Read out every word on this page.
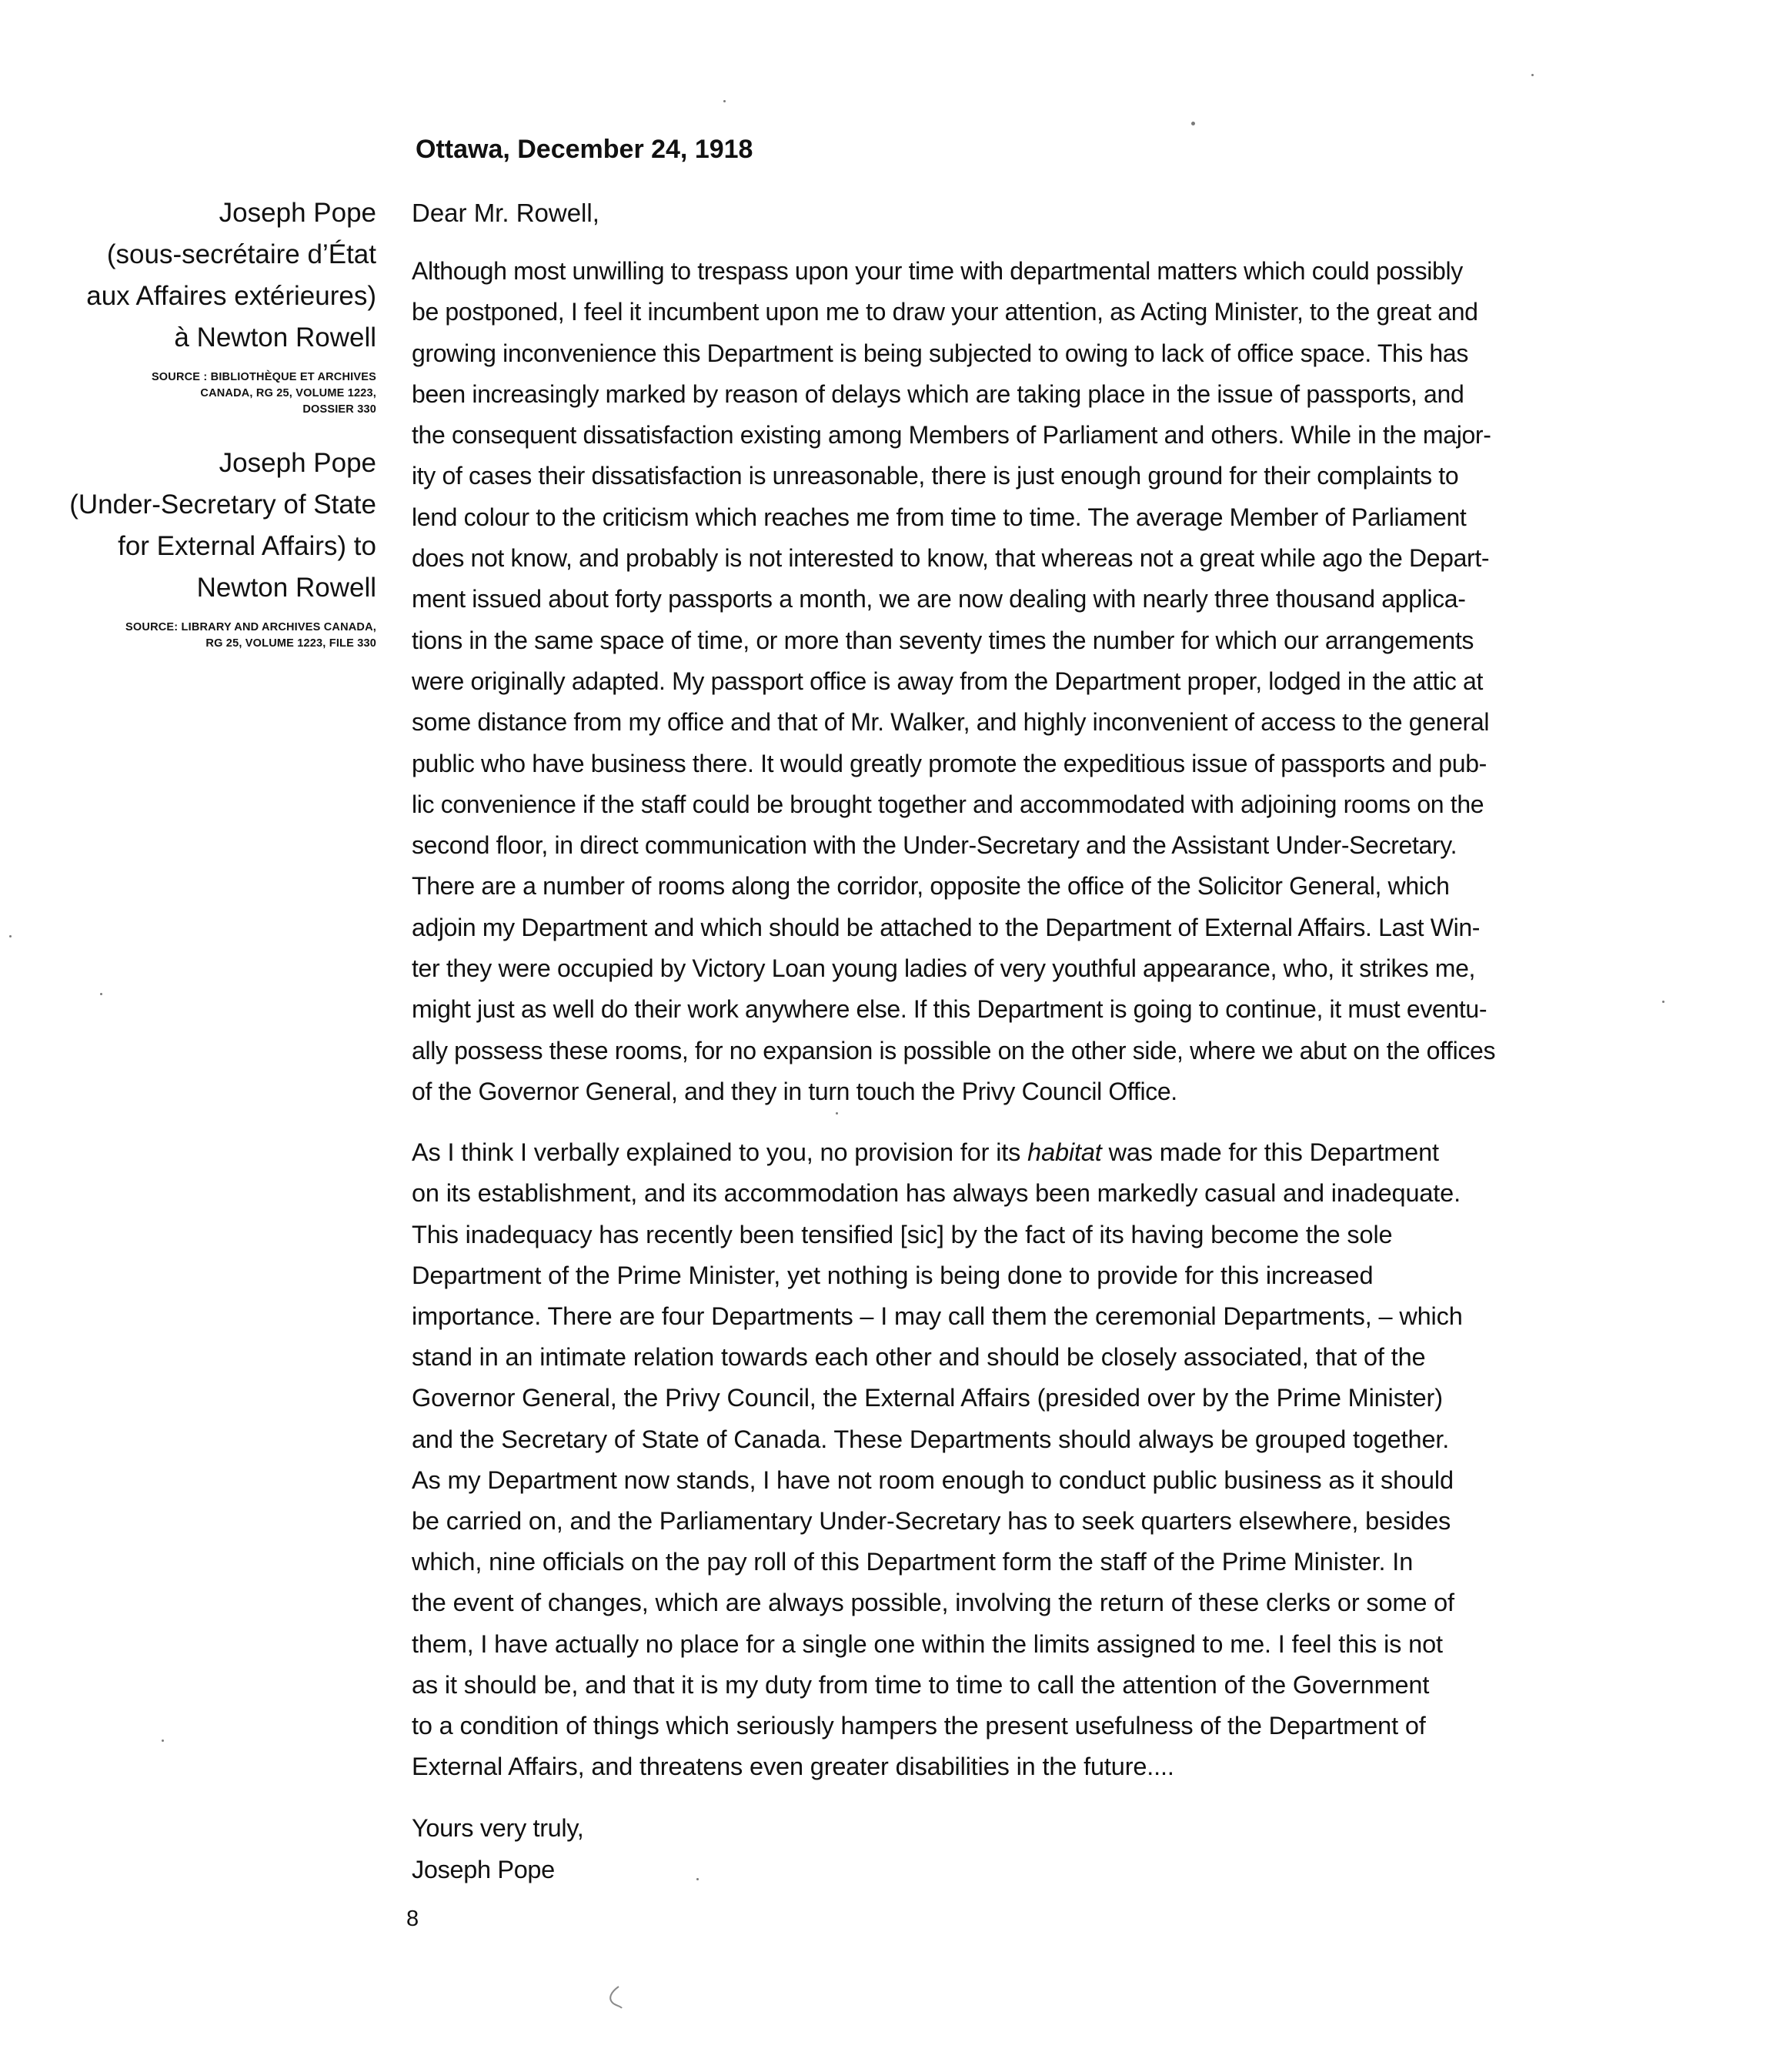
Ottawa, December 24, 1918
Joseph Pope
(sous-secrétaire d’État
aux Affaires extérieures)
à Newton Rowell
SOURCE : BIBLIOTHÈQUE ET ARCHIVES
CANADA, RG 25, VOLUME 1223,
DOSSIER 330
Joseph Pope
(Under-Secretary of State
for External Affairs) to
Newton Rowell
SOURCE: LIBRARY AND ARCHIVES CANADA,
RG 25, VOLUME 1223, FILE 330
Dear Mr. Rowell,
Although most unwilling to trespass upon your time with departmental matters which could possibly
be postponed, I feel it incumbent upon me to draw your attention, as Acting Minister, to the great and
growing inconvenience this Department is being subjected to owing to lack of office space. This has
been increasingly marked by reason of delays which are taking place in the issue of passports, and
the consequent dissatisfaction existing among Members of Parliament and others. While in the major-
ity of cases their dissatisfaction is unreasonable, there is just enough ground for their complaints to
lend colour to the criticism which reaches me from time to time. The average Member of Parliament
does not know, and probably is not interested to know, that whereas not a great while ago the Depart-
ment issued about forty passports a month, we are now dealing with nearly three thousand applica-
tions in the same space of time, or more than seventy times the number for which our arrangements
were originally adapted. My passport office is away from the Department proper, lodged in the attic at
some distance from my office and that of Mr. Walker, and highly inconvenient of access to the general
public who have business there. It would greatly promote the expeditious issue of passports and pub-
lic convenience if the staff could be brought together and accommodated with adjoining rooms on the
second floor, in direct communication with the Under-Secretary and the Assistant Under-Secretary.
There are a number of rooms along the corridor, opposite the office of the Solicitor General, which
adjoin my Department and which should be attached to the Department of External Affairs. Last Win-
ter they were occupied by Victory Loan young ladies of very youthful appearance, who, it strikes me,
might just as well do their work anywhere else. If this Department is going to continue, it must eventu-
ally possess these rooms, for no expansion is possible on the other side, where we abut on the offices
of the Governor General, and they in turn touch the Privy Council Office.
As I think I verbally explained to you, no provision for its habitat was made for this Department
on its establishment, and its accommodation has always been markedly casual and inadequate.
This inadequacy has recently been tensified [sic] by the fact of its having become the sole
Department of the Prime Minister, yet nothing is being done to provide for this increased
importance. There are four Departments – I may call them the ceremonial Departments, – which
stand in an intimate relation towards each other and should be closely associated, that of the
Governor General, the Privy Council, the External Affairs (presided over by the Prime Minister)
and the Secretary of State of Canada. These Departments should always be grouped together.
As my Department now stands, I have not room enough to conduct public business as it should
be carried on, and the Parliamentary Under-Secretary has to seek quarters elsewhere, besides
which, nine officials on the pay roll of this Department form the staff of the Prime Minister. In
the event of changes, which are always possible, involving the return of these clerks or some of
them, I have actually no place for a single one within the limits assigned to me. I feel this is not
as it should be, and that it is my duty from time to time to call the attention of the Government
to a condition of things which seriously hampers the present usefulness of the Department of
External Affairs, and threatens even greater disabilities in the future....
Yours very truly,
Joseph Pope
8
